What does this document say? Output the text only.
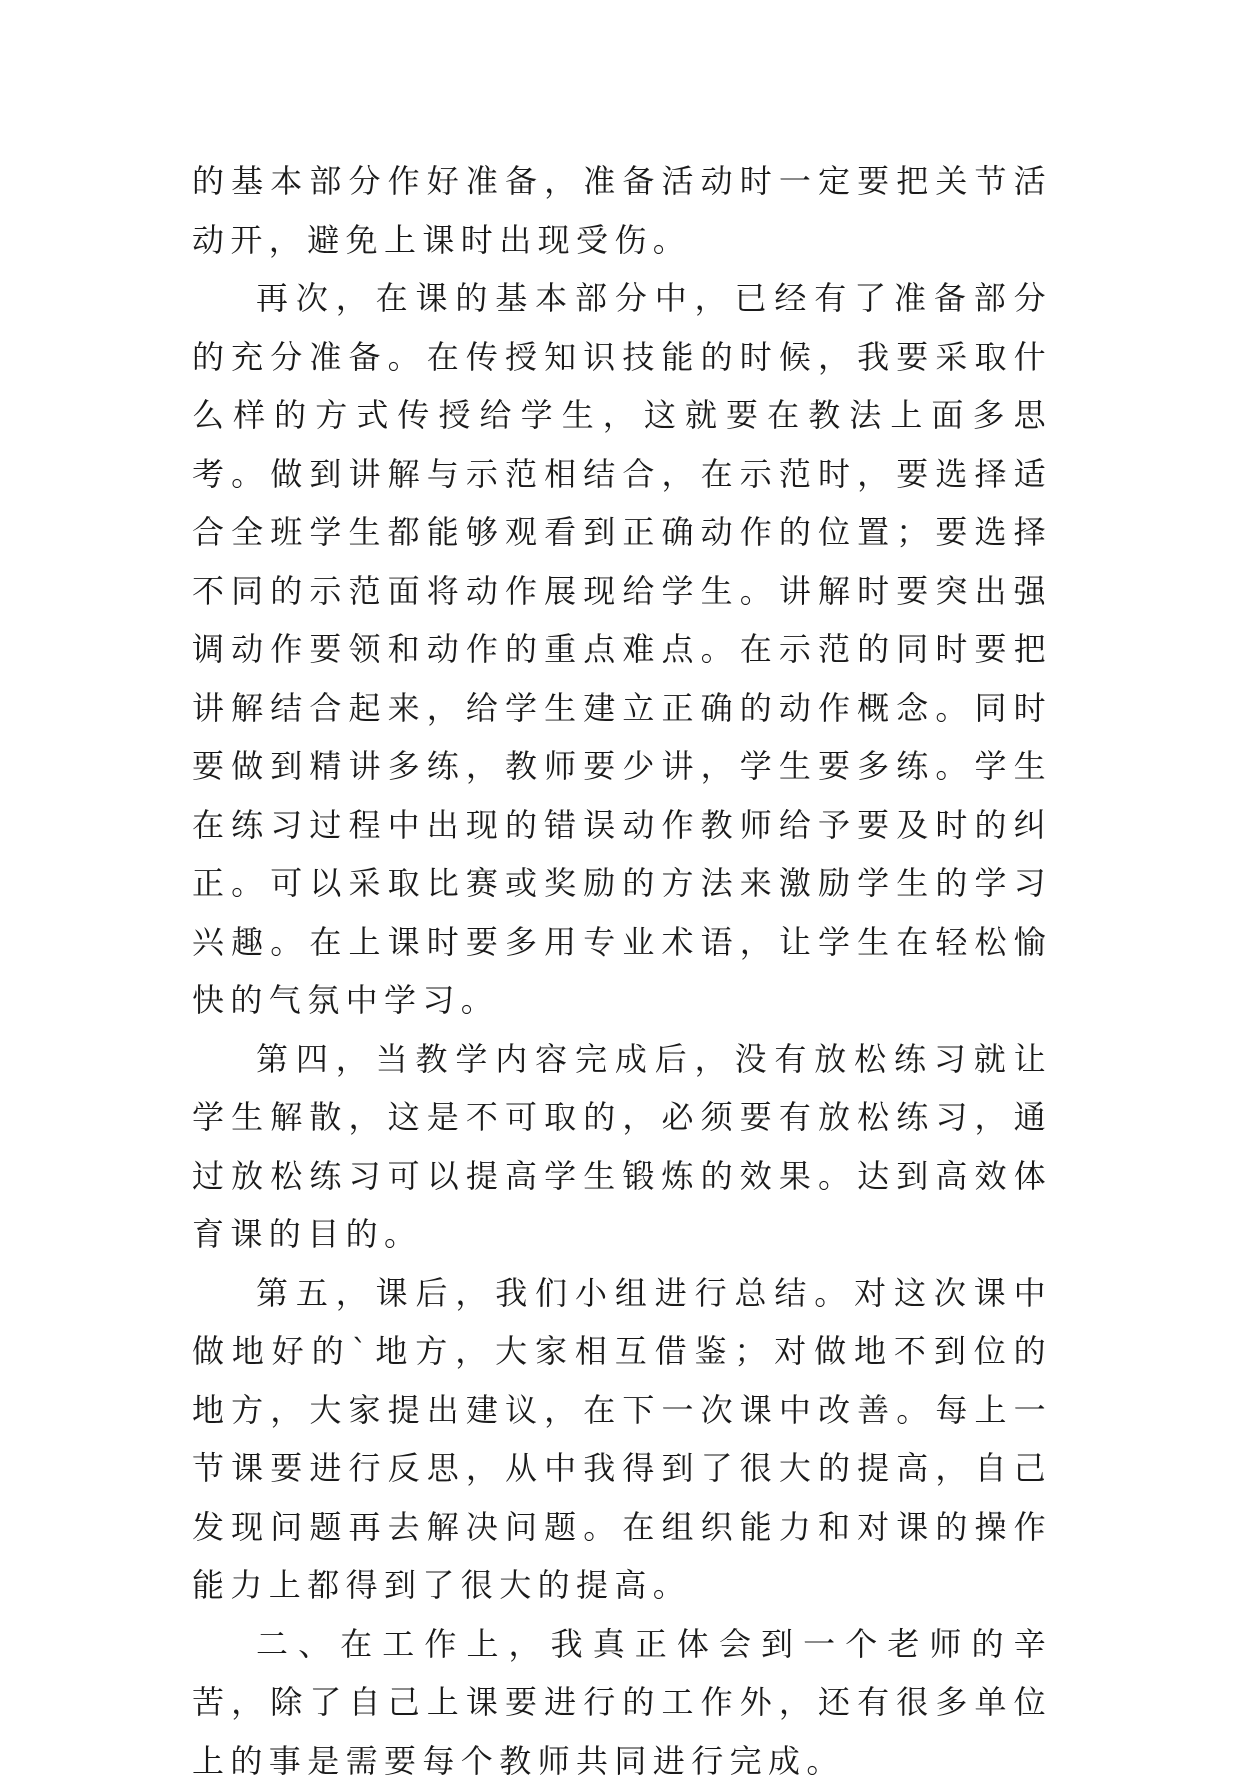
的基本部分作好准备，准备活动时一定要把关节活动开，避免上课时出现受伤。

再次，在课的基本部分中，已经有了准备部分的充分准备。在传授知识技能的时候，我要采取什么样的方式传授给学生，这就要在教法上面多思考。做到讲解与示范相结合，在示范时，要选择适合全班学生都能够观看到正确动作的位置；要选择不同的示范面将动作展现给学生。讲解时要突出强调动作要领和动作的重点难点。在示范的同时要把讲解结合起来，给学生建立正确的动作概念。同时要做到精讲多练，教师要少讲，学生要多练。学生在练习过程中出现的错误动作教师给予要及时的纠正。可以采取比赛或奖励的方法来激励学生的学习兴趣。在上课时要多用专业术语，让学生在轻松愉快的气氛中学习。

第四，当教学内容完成后，没有放松练习就让学生解散，这是不可取的，必须要有放松练习，通过放松练习可以提高学生锻炼的效果。达到高效体育课的目的。

第五，课后，我们小组进行总结。对这次课中做地好的`地方，大家相互借鉴；对做地不到位的地方，大家提出建议，在下一次课中改善。每上一节课要进行反思，从中我得到了很大的提高，自己发现问题再去解决问题。在组织能力和对课的操作能力上都得到了很大的提高。

二、在工作上，我真正体会到一个老师的辛苦，除了自己上课要进行的工作外，还有很多单位上的事是需要每个教师共同进行完成。
